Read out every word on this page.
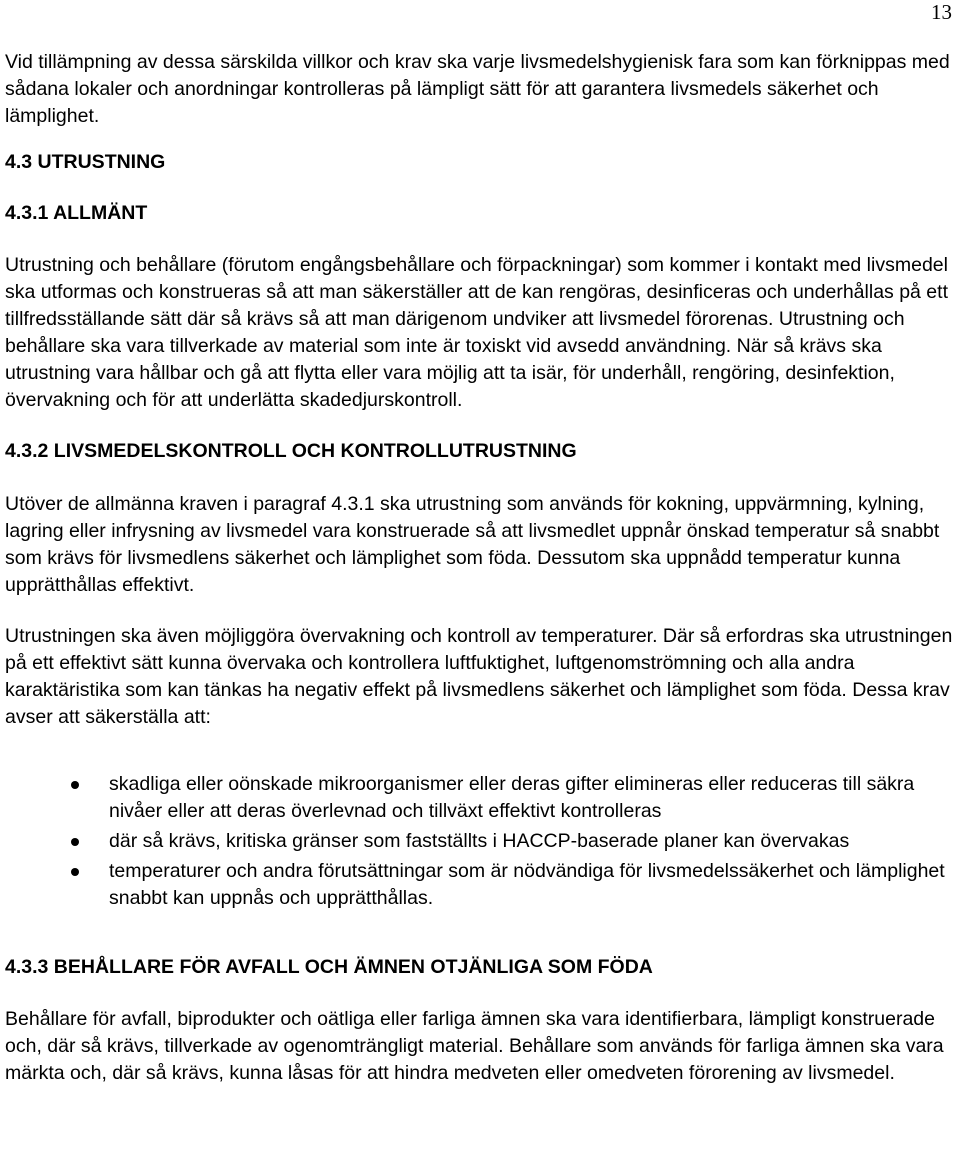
13

Vid tillämpning av dessa särskilda villkor och krav ska varje livsmedelshygienisk fara som kan förknippas med sådana lokaler och anordningar kontrolleras på lämpligt sätt för att garantera livsmedels säkerhet och lämplighet.

4.3 UTRUSTNING
4.3.1 ALLMÄNT

Utrustning och behållare (förutom engångsbehållare och förpackningar) som kommer i kontakt med livsmedel ska utformas och konstrueras så att man säkerställer att de kan rengöras, desinficeras och underhållas på ett tillfredsställande sätt där så krävs så att man därigenom undviker att livsmedel förorenas. Utrustning och behållare ska vara tillverkade av material som inte är toxiskt vid avsedd användning. När så krävs ska utrustning vara hållbar och gå att flytta eller vara möjlig att ta isär, för underhåll, rengöring, desinfektion, övervakning och för att underlätta skadedjurskontroll.

4.3.2 LIVSMEDELSKONTROLL OCH KONTROLLUTRUSTNING

Utöver de allmänna kraven i paragraf 4.3.1 ska utrustning som används för kokning, uppvärmning, kylning, lagring eller infrysning av livsmedel vara konstruerade så att livsmedlet uppnår önskad temperatur så snabbt som krävs för livsmedlens säkerhet och lämplighet som föda. Dessutom ska uppnådd temperatur kunna upprätthållas effektivt.

Utrustningen ska även möjliggöra övervakning och kontroll av temperaturer. Där så erfordras ska utrustningen på ett effektivt sätt kunna övervaka och kontrollera luftfuktighet, luftgenomströmning och alla andra karaktäristika som kan tänkas ha negativ effekt på livsmedlens säkerhet och lämplighet som föda. Dessa krav avser att säkerställa att:

skadliga eller oönskade mikroorganismer eller deras gifter elimineras eller reduceras till säkra nivåer eller att deras överlevnad och tillväxt effektivt kontrolleras
där så krävs, kritiska gränser som fastställts i HACCP-baserade planer kan övervakas
temperaturer och andra förutsättningar som är nödvändiga för livsmedelssäkerhet och lämplighet snabbt kan uppnås och upprätthållas.
4.3.3 BEHÅLLARE FÖR AVFALL OCH ÄMNEN OTJÄNLIGA SOM FÖDA

Behållare för avfall, biprodukter och oätliga eller farliga ämnen ska vara identifierbara, lämpligt konstruerade och, där så krävs, tillverkade av ogenomträngligt material. Behållare som används för farliga ämnen ska vara märkta och, där så krävs, kunna låsas för att hindra medveten eller omedveten förorening av livsmedel.
